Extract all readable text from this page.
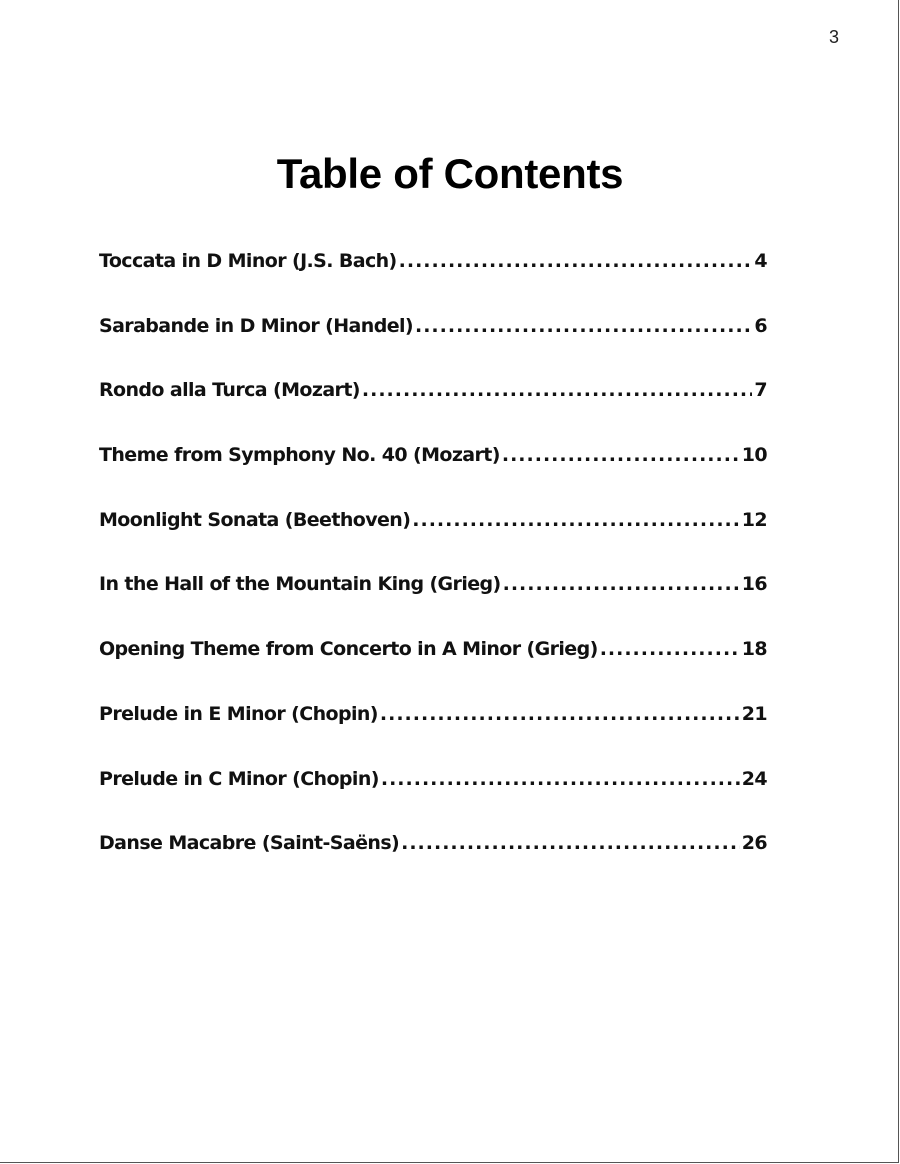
3
Table of Contents
Toccata in D Minor (J.S. Bach) .....	4
Sarabande in D Minor (Handel) .....	6
Rondo alla Turca (Mozart) .....	7
Theme from Symphony No. 40 (Mozart) .....	10
Moonlight Sonata (Beethoven) .....	12
In the Hall of the Mountain King (Grieg) .....	16
Opening Theme from Concerto in A Minor (Grieg) .....	18
Prelude in E Minor (Chopin) .....	21
Prelude in C Minor (Chopin) .....	24
Danse Macabre (Saint-Saëns) .....	26
